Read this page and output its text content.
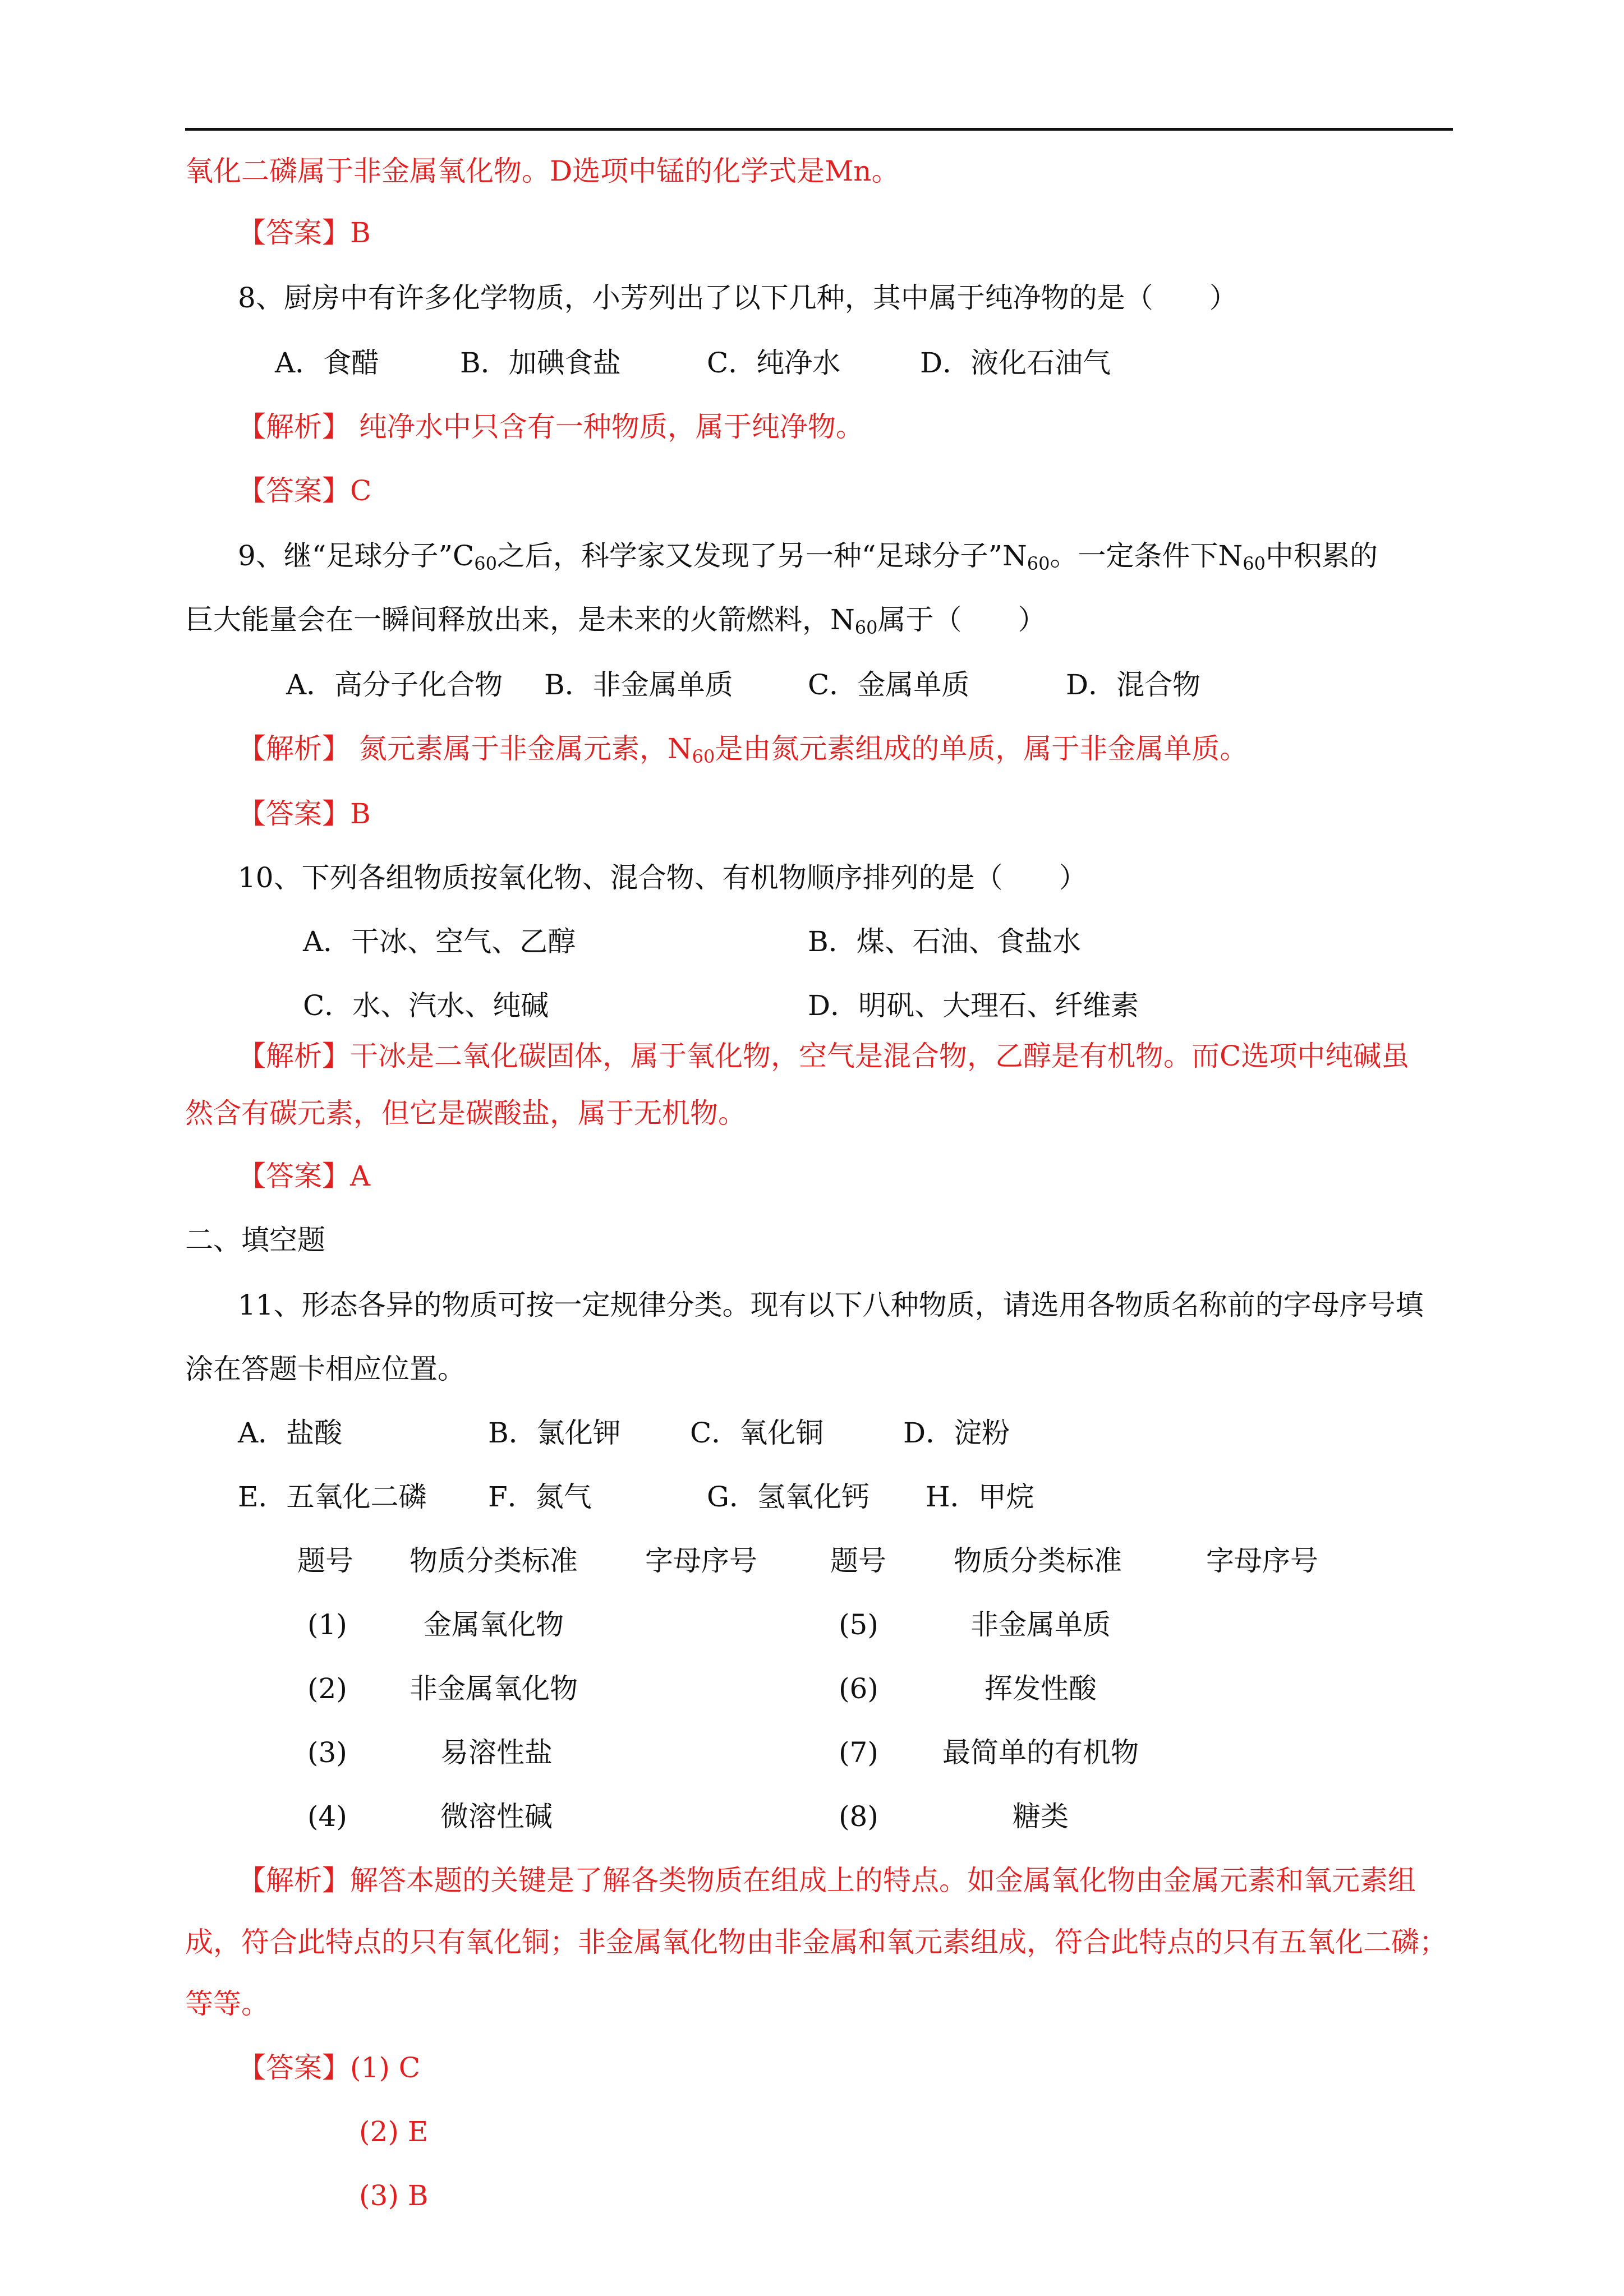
氧化二磷属于非金属氧化物。D选项中锰的化学式是Mn。
【答案】B
8、厨房中有许多化学物质，小芳列出了以下几种，其中属于纯净物的是（　　）
A．食醋	B．加碘食盐	C．纯净水	D．液化石油气
【解析】 纯净水中只含有一种物质，属于纯净物。
【答案】C
9、继“足球分子$”C_{60}$之后，科学家又发现了另一种“足球分子$”N_{60}$。一定条件下$N_{60}$中积累的
巨大能量会在一瞬间释放出来，是未来的火箭燃料，$N_{60}$属于（　　）
A．高分子化合物 B．非金属单质	C．金属单质	D．混合物
【解析】 氮元素属于非金属元素，$N_{60}$是由氮元素组成的单质，属于非金属单质。
【答案】B
10、下列各组物质按氧化物、混合物、有机物顺序排列的是（　　）
A．干冰、空气、乙醇	B．煤、石油、食盐水
C．水、汽水、纯碱	D．明矾、大理石、纤维素
【解析】干冰是二氧化碳固体，属于氧化物，空气是混合物，乙醇是有机物。而C选项中纯碱虽
然含有碳元素，但它是碳酸盐，属于无机物。
【答案】A
二、填空题
11、形态各异的物质可按一定规律分类。现有以下八种物质，请选用各物质名称前的字母序号填
涂在答题卡相应位置。
A．盐酸	B．氯化钾 C．氧化铜	D．淀粉
E．五氧化二磷 F．氮气	G．氢氧化钙 H．甲烷
题号 物质分类标准 字母序号	题号 物质分类标准	字母序号
(1)	金属氧化物	(5)	非金属单质
(2) 非金属氧化物	(6)	挥发性酸
(3)	易溶性盐	(7) 最简单的有机物
(4)	微溶性碱	(8)	糖类
【解析】解答本题的关键是了解各类物质在组成上的特点。如金属氧化物由金属元素和氧元素组
成，符合此特点的只有氧化铜；非金属氧化物由非金属和氧元素组成，符合此特点的只有五氧化二磷；
等等。
【答案】(1) C
(2) E
(3) B
